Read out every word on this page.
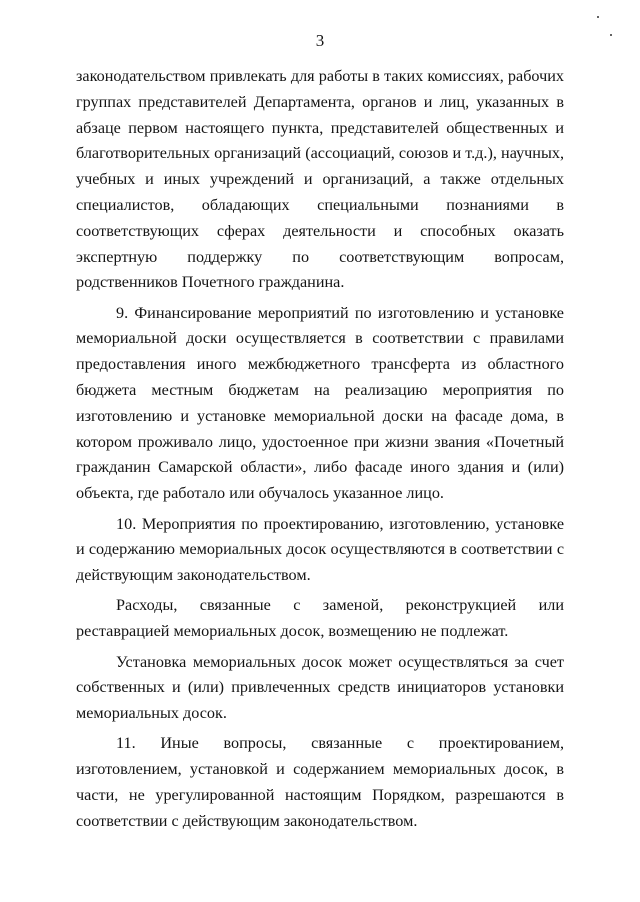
3

законодательством привлекать для работы в таких комиссиях, рабочих группах представителей Департамента, органов и лиц, указанных в абзаце первом настоящего пункта, представителей общественных и благотворительных организаций (ассоциаций, союзов и т.д.), научных, учебных и иных учреждений и организаций, а также отдельных специалистов, обладающих специальными познаниями в соответствующих сферах деятельности и способных оказать экспертную поддержку по соответствующим вопросам, родственников Почетного гражданина.

9. Финансирование мероприятий по изготовлению и установке мемориальной доски осуществляется в соответствии с правилами предоставления иного межбюджетного трансферта из областного бюджета местным бюджетам на реализацию мероприятия по изготовлению и установке мемориальной доски на фасаде дома, в котором проживало лицо, удостоенное при жизни звания «Почетный гражданин Самарской области», либо фасаде иного здания и (или) объекта, где работало или обучалось указанное лицо.

10. Мероприятия по проектированию, изготовлению, установке и содержанию мемориальных досок осуществляются в соответствии с действующим законодательством.

Расходы, связанные с заменой, реконструкцией или реставрацией мемориальных досок, возмещению не подлежат.

Установка мемориальных досок может осуществляться за счет собственных и (или) привлеченных средств инициаторов установки мемориальных досок.

11. Иные вопросы, связанные с проектированием, изготовлением, установкой и содержанием мемориальных досок, в части, не урегулированной настоящим Порядком, разрешаются в соответствии с действующим законодательством.
